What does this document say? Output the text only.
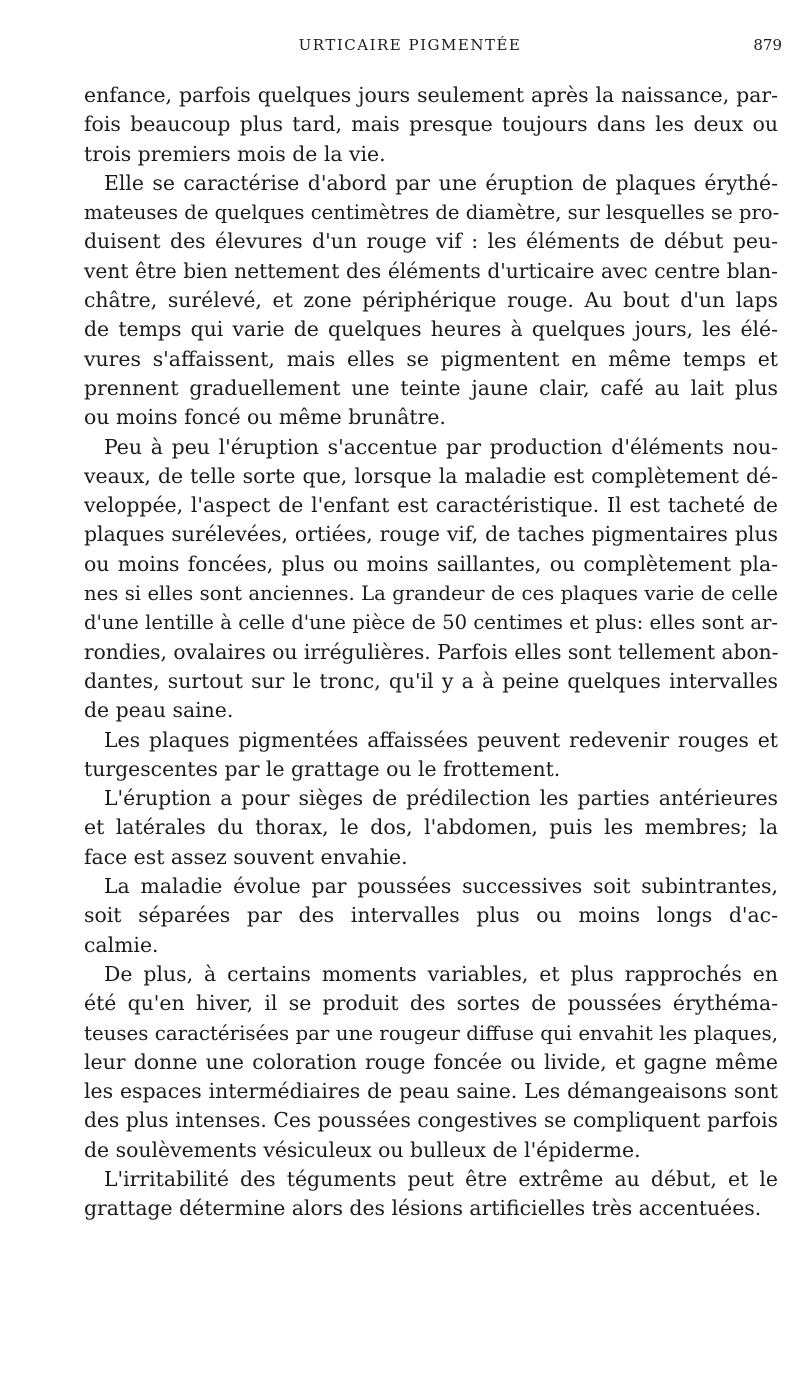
URTICAIRE PIGMENTÉE	879
enfance, parfois quelques jours seulement après la naissance, par-
fois beaucoup plus tard, mais presque toujours dans les deux ou
trois premiers mois de la vie.
Elle se caractérise d'abord par une éruption de plaques érythé-
mateuses de quelques centimètres de diamètre, sur lesquelles se pro-
duisent des élevures d'un rouge vif : les éléments de début peu-
vent être bien nettement des éléments d'urticaire avec centre blan-
châtre, surélevé, et zone périphérique rouge. Au bout d'un laps
de temps qui varie de quelques heures à quelques jours, les élé-
vures s'affaissent, mais elles se pigmentent en même temps et
prennent graduellement une teinte jaune clair, café au lait plus
ou moins foncé ou même brunâtre.
Peu à peu l'éruption s'accentue par production d'éléments nou-
veaux, de telle sorte que, lorsque la maladie est complètement dé-
veloppée, l'aspect de l'enfant est caractéristique. Il est tacheté de
plaques surélevées, ortiées, rouge vif, de taches pigmentaires plus
ou moins foncées, plus ou moins saillantes, ou complètement pla-
nes si elles sont anciennes. La grandeur de ces plaques varie de celle
d'une lentille à celle d'une pièce de 50 centimes et plus: elles sont ar-
rondies, ovalaires ou irrégulières. Parfois elles sont tellement abon-
dantes, surtout sur le tronc, qu'il y a à peine quelques intervalles
de peau saine.
Les plaques pigmentées affaissées peuvent redevenir rouges et
turgescentes par le grattage ou le frottement.
L'éruption a pour sièges de prédilection les parties antérieures
et latérales du thorax, le dos, l'abdomen, puis les membres; la
face est assez souvent envahie.
La maladie évolue par poussées successives soit subintrantes,
soit séparées par des intervalles plus ou moins longs d'ac-
calmie.
De plus, à certains moments variables, et plus rapprochés en
été qu'en hiver, il se produit des sortes de poussées érythéma-
teuses caractérisées par une rougeur diffuse qui envahit les plaques,
leur donne une coloration rouge foncée ou livide, et gagne même
les espaces intermédiaires de peau saine. Les démangeaisons sont
des plus intenses. Ces poussées congestives se compliquent parfois
de soulèvements vésiculeux ou bulleux de l'épiderme.
L'irritabilité des téguments peut être extrême au début, et le
grattage détermine alors des lésions artificielles très accentuées.
